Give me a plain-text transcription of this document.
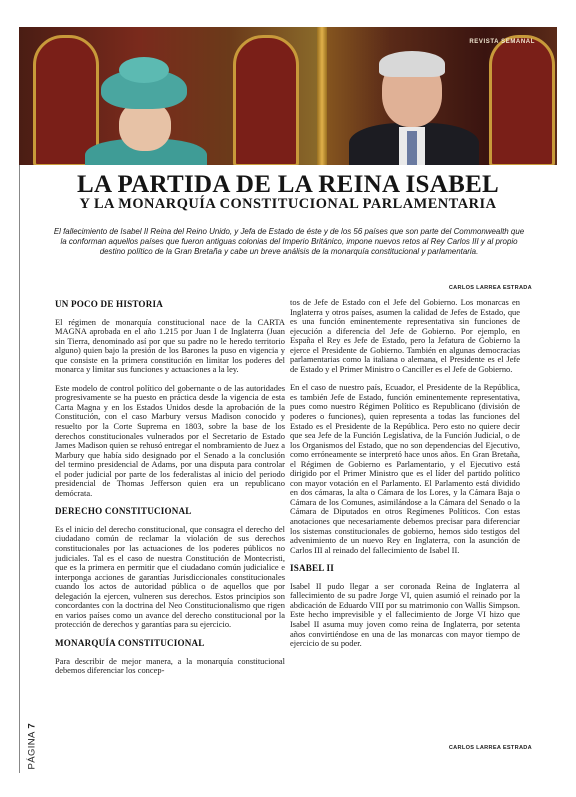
REVISTA SEMANAL
PÁGINA 7
LA PARTIDA DE LA REINA ISABEL
Y LA MONARQUÍA CONSTITUCIONAL PARLAMENTARIA
El fallecimiento de Isabel II Reina del Reino Unido, y Jefa de Estado de éste y de los 56 países que son parte del Commonwealth que la conforman aquellos países que fueron antiguas colonias del Imperio Británico, impone nuevos retos al Rey Carlos III y al propio destino político de la Gran Bretaña y cabe un breve análisis de la monarquía constitucional y parlamentaria.
CARLOS LARREA ESTRADA
UN POCO DE HISTORIA

El régimen de monarquía constitucional nace de la CARTA MAGNA aprobada en el año 1.215 por Juan I de Inglaterra (Juan sin Tierra, denominado así por que su padre no le heredo territorio alguno) quien bajo la presión de los Barones la puso en vigencia y que consiste en la primera constitución en limitar los poderes del monarca y limitar sus funciones y actuaciones a la ley.

Este modelo de control político del gobernante o de las autoridades progresivamente se ha puesto en práctica desde la vigencia de esta Carta Magna y en los Estados Unidos desde la aprobación de la Constitución, con el caso Marbury versus Madison conocido y resuelto por la Corte Suprema en 1803, sobre la base de los derechos constitucionales vulnerados por el Secretario de Estado James Madison quien se rehusó entregar el nombramiento de Juez a Marbury que había sido designado por el Senado a la conclusión del termino presidencial de Adams, por una disputa para controlar el poder judicial por parte de los federalistas al inicio del periodo presidencial de Thomas Jefferson quien era un republicano demócrata.

DERECHO CONSTITUCIONAL

Es el inicio del derecho constitucional, que consagra el derecho del ciudadano común de reclamar la violación de sus derechos constitucionales por las actuaciones de los poderes públicos no judiciales. Tal es el caso de nuestra Constitución de Montecristi, que es la primera en permitir que el ciudadano común judicialice e interponga acciones de garantías Jurisdiccionales constitucionales cuando los actos de autoridad pública o de aquellos que por delegación la ejercen, vulneren sus derechos. Estos principios son concordantes con la doctrina del Neo Constitucionalismo que rigen en varios países como un avance del derecho constitucional por la protección de derechos y garantías para su ejercicio.

MONARQUÍA CONSTITUCIONAL

Para describir de mejor manera, a la monarquía constitucional debemos diferenciar los concep-

tos de Jefe de Estado con el Jefe del Gobierno. Los monarcas en Inglaterra y otros países, asumen la calidad de Jefes de Estado, que es una función eminentemente representativa sin funciones de ejecución a diferencia del Jefe de Gobierno. Por ejemplo, en España el Rey es Jefe de Estado, pero la Jefatura de Gobierno la ejerce el Presidente de Gobierno. También en algunas democracias parlamentarias como la italiana o alemana, el Presidente es el Jefe de Estado y el Primer Ministro o Canciller es el Jefe de Gobierno.

En el caso de nuestro país, Ecuador, el Presidente de la República, es también Jefe de Estado, función eminentemente representativa, pues como nuestro Régimen Político es Republicano (división de poderes o funciones), quien representa a todas las funciones del Estado es el Presidente de la República. Pero esto no quiere decir que sea Jefe de la Función Legislativa, de la Función Judicial, o de los Organismos del Estado, que no son dependencias del Ejecutivo, como erróneamente se interpretó hace unos años. En Gran Bretaña, el Régimen de Gobierno es Parlamentario, y el Ejecutivo está dirigido por el Primer Ministro que es el líder del partido político con mayor votación en el Parlamento. El Parlamento está dividido en dos cámaras, la alta o Cámara de los Lores, y la Cámara Baja o Cámara de los Comunes, asimilándose a la Cámara del Senado o la Cámara de Diputados en otros Regímenes Políticos. Con estas anotaciones que necesariamente debemos precisar para diferenciar los sistemas constitucionales de gobierno, hemos sido testigos del advenimiento de un nuevo Rey en Inglaterra, con la asunción de Carlos III al reinado del fallecimiento de Isabel II.

ISABEL II

Isabel II pudo llegar a ser coronada Reina de Inglaterra al fallecimiento de su padre Jorge VI, quien asumió el reinado por la abdicación de Eduardo VIII por su matrimonio con Wallis Simpson. Este hecho imprevisible y el fallecimiento de Jorge VI hizo que Isabel II asuma muy joven como reina de Inglaterra, por setenta años convirtiéndose en una de las monarcas con mayor tiempo de ejercicio de su poder.

CARLOS LARREA ESTRADA
